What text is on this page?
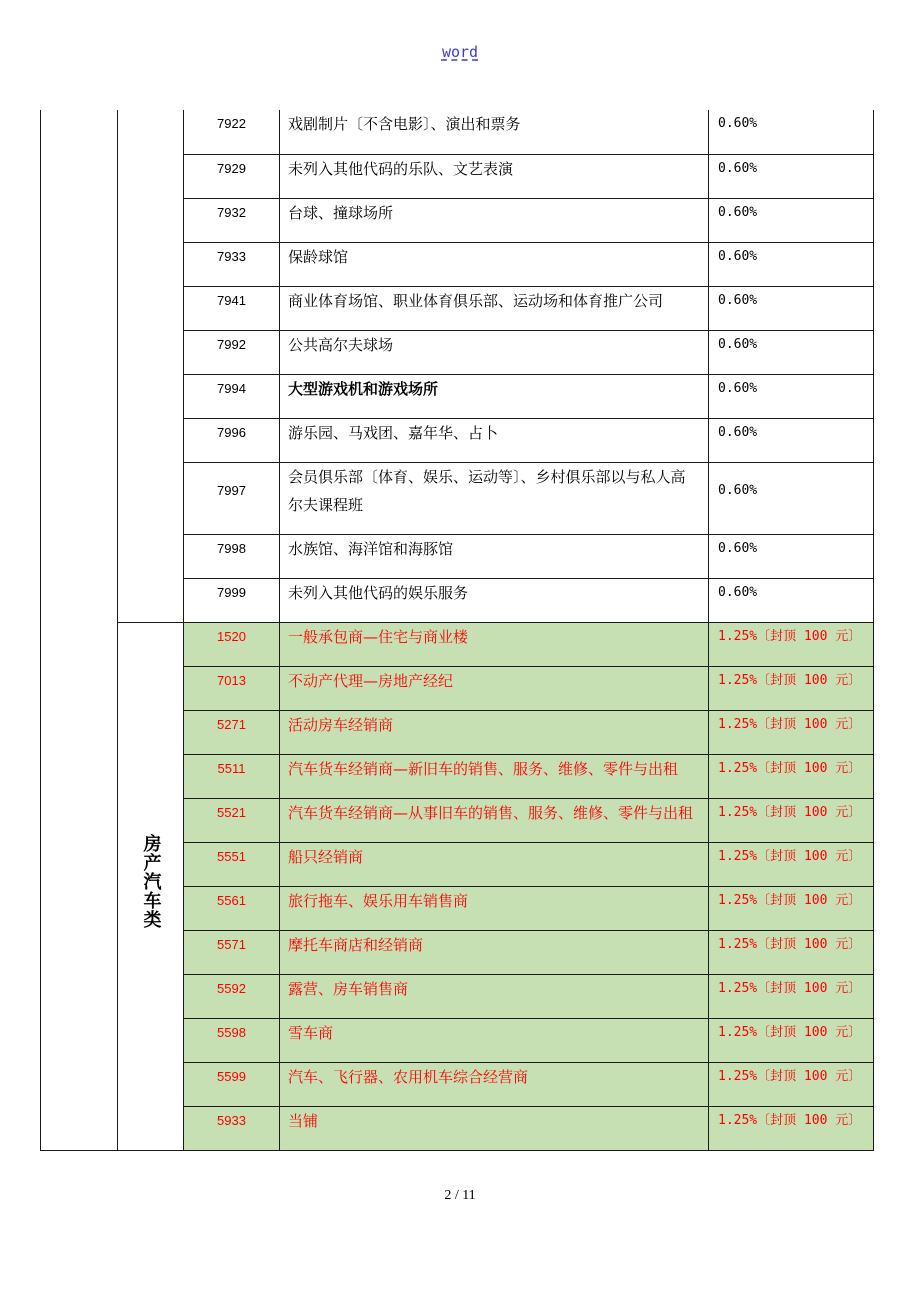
word
		7922	戏剧制片〔不含电影〕、演出和票务	0.60%
		7929	未列入其他代码的乐队、文艺表演	0.60%
		7932	台球、撞球场所	0.60%
		7933	保龄球馆	0.60%
		7941	商业体育场馆、职业体育俱乐部、运动场和体育推广公司	0.60%
		7992	公共高尔夫球场	0.60%
		7994	大型游戏机和游戏场所	0.60%
		7996	游乐园、马戏团、嘉年华、占卜	0.60%
		7997	会员俱乐部〔体育、娱乐、运动等〕、乡村俱乐部以与私人高尔夫课程班	0.60%
		7998	水族馆、海洋馆和海豚馆	0.60%
		7999	未列入其他代码的娱乐服务	0.60%
	房产汽车类	1520	一般承包商—住宅与商业楼	1.25%〔封顶 100 元〕
		7013	不动产代理—房地产经纪	1.25%〔封顶 100 元〕
		5271	活动房车经销商	1.25%〔封顶 100 元〕
		5511	汽车货车经销商—新旧车的销售、服务、维修、零件与出租	1.25%〔封顶 100 元〕
		5521	汽车货车经销商—从事旧车的销售、服务、维修、零件与出租	1.25%〔封顶 100 元〕
		5551	船只经销商	1.25%〔封顶 100 元〕
		5561	旅行拖车、娱乐用车销售商	1.25%〔封顶 100 元〕
		5571	摩托车商店和经销商	1.25%〔封顶 100 元〕
		5592	露营、房车销售商	1.25%〔封顶 100 元〕
		5598	雪车商	1.25%〔封顶 100 元〕
		5599	汽车、飞行器、农用机车综合经营商	1.25%〔封顶 100 元〕
		5933	当铺	1.25%〔封顶 100 元〕
2 / 11
